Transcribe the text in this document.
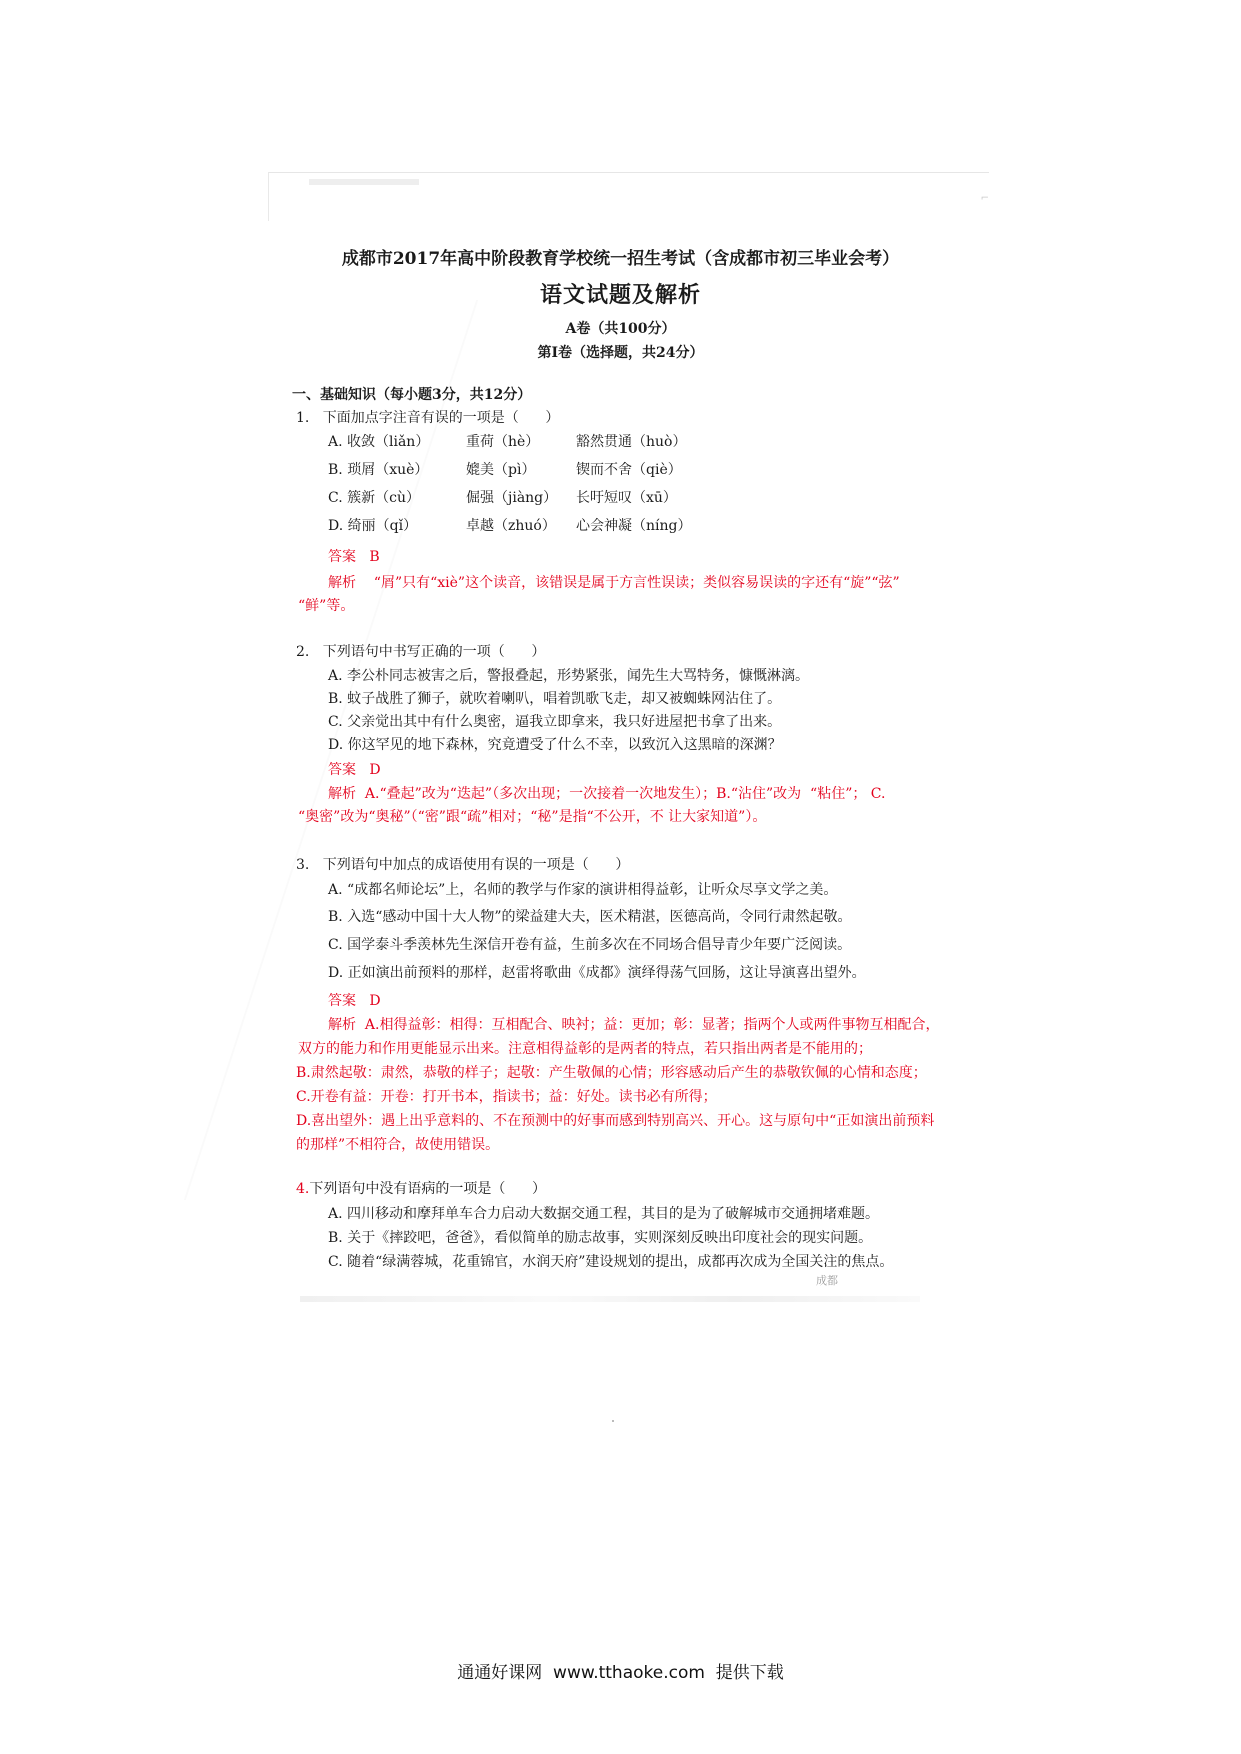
⌐
成都市2017年高中阶段教育学校统一招生考试（含成都市初三毕业会考）
语文试题及解析
A卷（共100分）
第Ⅰ卷（选择题，共24分）
一、基础知识（每小题3分，共12分）
1.   下面加点字注音有误的一项是（      ）
A. 收敛（liǎn）	重荷（hè）	豁然贯通（huò）
B. 琐屑（xuè）	媲美（pì）	锲而不舍（qiè）
C. 簇新（cù）	倔强（jiàng） 长吁短叹（xū）
D. 绮丽（qǐ）	卓越（zhuó） 心会神凝（níng）
答案   B
解析    “屑”只有“xiè”这个读音，该错误是属于方言性误读；类似容易误读的字还有“旋”“弦”
“鲜”等。
2.   下列语句中书写正确的一项（      ）
A. 李公朴同志被害之后，警报叠起，形势紧张，闻先生大骂特务，慷慨淋漓。
B. 蚊子战胜了狮子，就吹着喇叭，唱着凯歌飞走，却又被蜘蛛网沾住了。
C. 父亲觉出其中有什么奥密，逼我立即拿来，我只好进屋把书拿了出来。
D. 你这罕见的地下森林，究竟遭受了什么不幸，以致沉入这黑暗的深渊？
答案   D
解析  A.“叠起”改为“迭起”（多次出现；一次接着一次地发生）；B.“沾住”改为  “粘住”； C.
“奥密”改为“奥秘”（“密”跟“疏”相对；“秘”是指“不公开，不 让大家知道”）。
3.   下列语句中加点的成语使用有误的一项是（      ）
A. “成都名师论坛”上，名师的教学与作家的演讲相得益彰，让听众尽享文学之美。
B. 入选“感动中国十大人物”的梁益建大夫，医术精湛，医德高尚，令同行肃然起敬。
C. 国学泰斗季羡林先生深信开卷有益，生前多次在不同场合倡导青少年要广泛阅读。
D. 正如演出前预料的那样，赵雷将歌曲《成都》演绎得荡气回肠，这让导演喜出望外。
答案   D
解析  A.相得益彰：相得：互相配合、映衬；益：更加；彰：显著；指两个人或两件事物互相配合，
双方的能力和作用更能显示出来。注意相得益彰的是两者的特点，若只指出两者是不能用的；
B.肃然起敬：肃然，恭敬的样子；起敬：产生敬佩的心情；形容感动后产生的恭敬钦佩的心情和态度；
C.开卷有益：开卷：打开书本，指读书；益：好处。读书必有所得；
D.喜出望外：遇上出乎意料的、不在预测中的好事而感到特别高兴、开心。这与原句中“正如演出前预料
的那样”不相符合，故使用错误。
4.下列语句中没有语病的一项是（      ）
A. 四川移动和摩拜单车合力启动大数据交通工程，其目的是为了破解城市交通拥堵难题。
B. 关于《摔跤吧，爸爸》，看似简单的励志故事，实则深刻反映出印度社会的现实问题。
C. 随着“绿满蓉城，花重锦官，水润天府”建设规划的提出，成都再次成为全国关注的焦点。
成都
通通好课网  www.tthaoke.com  提供下载
